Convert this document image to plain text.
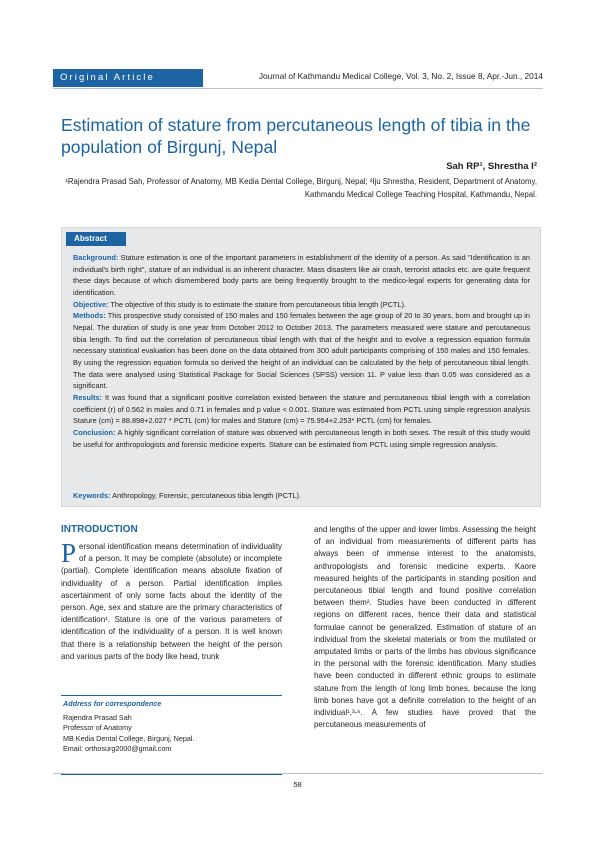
Original Article	Journal of Kathmandu Medical College, Vol. 3, No. 2, Issue 8, Apr.-Jun., 2014
Estimation of stature from percutaneous length of tibia in the population of Birgunj, Nepal
Sah RP¹, Shrestha I²
¹Rajendra Prasad Sah, Professor of Anatomy, MB Kedia Dental College, Birgunj, Nepal; ²Iju Shrestha, Resident, Department of Anatomy, Kathmandu Medical College Teaching Hospital, Kathmandu, Nepal.
Abstract

Background: Stature estimation is one of the important parameters in establishment of the identity of a person. As said "Identification is an individual's birth right", stature of an individual is an inherent character. Mass disasters like air crash, terrorist attacks etc. are quite frequent these days because of which dismembered body parts are being frequently brought to the medico-legal experts for generating data for identification.

Objective: The objective of this study is to estimate the stature from percutaneous tibia length (PCTL).

Methods: This prospective study consisted of 150 males and 150 females between the age group of 20 to 30 years, born and brought up in Nepal. The duration of study is one year from October 2012 to October 2013. The parameters measured were stature and percutaneous tibia length. To find out the correlation of percutaneous tibial length with that of the height and to evolve a regression equation formula necessary statistical evaluation has been done on the data obtained from 300 adult participants comprising of 150 males and 150 females. By using the regression equation formula so derived the height of an individual can be calculated by the help of percutaneous tibial length. The data were analysed using Statistical Package for Social Sciences (SPSS) version 11. P value less than 0.05 was considered as a significant.

Results: It was found that a significant positive correlation existed between the stature and percutaneous tibial length with a correlation coefficient (r) of 0.562 in males and 0.71 in females and p value < 0.001. Stature was estimated from PCTL using simple regression analysis Stature (cm) = 88.898+2.027 * PCTL (cm) for males and Stature (cm) = 75.954+2.253* PCTL (cm) for females.

Conclusion: A highly significant correlation of stature was observed with percutaneous length in both sexes. The result of this study would be useful for anthropologists and forensic medicine experts. Stature can be estimated from PCTL using simple regression analysis.

Keywords: Anthropology, Forensic, percutaneous tibia length (PCTL).
INTRODUCTION

Personal identification means determination of individuality of a person. It may be complete (absolute) or incomplete (partial). Complete identification means absolute fixation of individuality of a person. Partial identification implies ascertainment of only some facts about the identity of the person. Age, sex and stature are the primary characteristics of identification¹. Stature is one of the various parameters of identification of the individuality of a person. It is well known that there is a relationship between the height of the person and various parts of the body like head, trunk

and lengths of the upper and lower limbs. Assessing the height of an individual from measurements of different parts has always been of immense interest to the anatomists, anthropologists and forensic medicine experts. Kaore measured heights of the participants in standing position and percutaneous tibial length and found positive correlation between them². Studies have been conducted in different regions on different races, hence their data and statistical formulae cannot be generalized. Estimation of stature of an individual from the skeletal materials or from the mutilated or amputated limbs or parts of the limbs has obvious significance in the personal with the forensic identification. Many studies have been conducted in different ethnic groups to estimate stature from the length of long limb bones, because the long limb bones have got a definite correlation to the height of an individual¹,³-⁶. A few studies have proved that the percutaneous measurements of

Address for correspondence
Rajendra Prasad Sah
Professor of Anatomy
MB Kedia Dental College, Birgunj, Nepal.
Email: orthosurg2000@gmail.com
58
